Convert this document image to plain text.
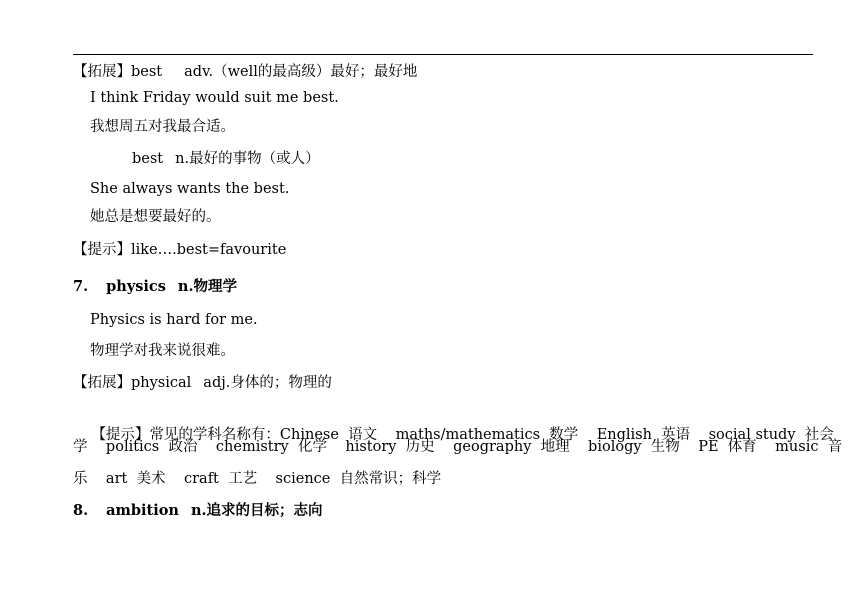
【拓展】best adv.（well的最高级）最好；最好地
I think Friday would suit me best.
我想周五对我最合适。
best n.最好的事物（或人）
She always wants the best.
她总是想要最好的。
【提示】like….best=favourite
7. physics n.物理学
Physics is hard for me.
物理学对我来说很难。
【拓展】physical adj.身体的；物理的

【提示】常见的学科名称有：Chinese  语文    maths/mathematics  数学    English  英语    social study  社会

学    politics  政治    chemistry  化学    history  历史    geography  地理    biology  生物    PE  体育    music  音
乐    art  美术    craft  工艺    science  自然常识；科学
8. ambition n.追求的目标；志向
